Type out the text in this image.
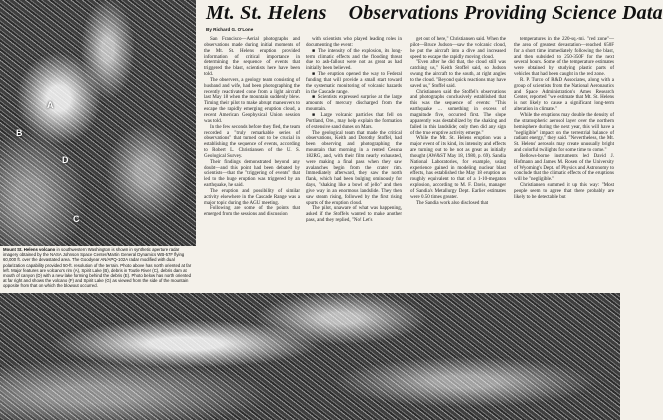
A
B
C
D
Mount St. Helens volcano in southwestern Washington is shown in synthetic aperture radar imagery obtained by the NASA Johnson Space Center/Martin General Dynamics WB-57F flying 60,000 ft. over the devastated area. The Goodyear AN/APQ-102A radar modified with dual polarization capability provided 50-ft. resolution of the terrain. Photo above has north oriented at far left. Major features are volcano's rim (A), Spirit Lake (B), debris in Toutle River (C), debris dam at mouth of canyon (D) with a new lake forming behind the debris (E). Photo below has north oriented at far right and shows the volcano (F) and Spirit Lake (G) as viewed from the side of the mountain opposite from that on which the blowout occurred.
Mt. St. Helens Observations Providing Science Data
By Richard G. O'Lone

San Francisco—Aerial photographs and observations made during initial moments of the Mt. St. Helens eruption provided information of critical importance in determining the sequence of events that triggered the blast, scientists here have been told.

The observers, a geology team consisting of husband and wife, had been photographing the recently reactivated cone from a light aircraft last May 18 when the mountain suddenly blew. Timing their pilot to make abrupt maneuvers to escape the rapidly emerging eruption cloud, a recent American Geophysical Union session was told.

In the few seconds before they fled, the team recorded a "truly remarkable series of observations" that turned out to be crucial in establishing the sequence of events, according to Robert L. Christiansen of the U. S. Geological Survey.

Their findings demonstrated beyond any doubt—and this point had been debated by scientists—that the "triggering of events" that led to the huge eruption was triggered by an earthquake, he said.

The eruption and possibility of similar activity elsewhere in the Cascade Range was a major topic during the AGU meeting.

Following are some of the points that emerged from the sessions and discussion

with scientists who played leading roles in documenting the event:

■ The intensity of the explosion, its long-term climatic effects and the flooding threat due to ash-fallout were not as great as had initially been believed.

■ The eruption opened the way to Federal funding that will provide a small start toward the systematic monitoring of volcanic hazards in the Cascade range.

■ Scientists expressed surprise at the large amounts of mercury discharged from the mountain.

■ Large volcanic particles that fell on Portland, Ore., may help explain the formation of extensive sand dunes on Mars.

The geological team that made the critical observations, Keith and Dorothy Stoffel, had been observing and photographing the mountain that morning in a rented Cessna 182RG, and, with their film nearly exhausted, were making a final pass when they saw avalanches begin from the crater rim. Immediately afterward, they saw the north flank, which had been bulging ominously for days, "shaking like a bowl of jello" and then give way in an enormous landslide. They then saw steam rising, followed by the first rising spurts of the eruption cloud.

The pilot, unaware of what was happening, asked if the Stoffels wanted to make another pass, and they replied, "No! Let's

get out of here," Christiansen said. When the pilot—Bruce Judson—saw the volcanic cloud, he put the aircraft into a dive and increased speed to escape the rapidly moving cloud.

"Even after he did that, the cloud still was catching us," Keith Stoffel said, so Judson swung the aircraft to the south, at right angles to the cloud. "Beyond quick reactions may have saved us," Stoffel said.

Christiansen said the Stoffel's observations and photographs conclusively established that this was the sequence of events: "This earthquake … something in excess of magnitude five, occurred first. The slope apparently was destabilized by the shaking and failed in this landslide; only then did any sign of the true eruptive activity emerge."

While the Mt. St. Helens eruption was a major event of its kind, its intensity and effects are turning out to be not as great as initially thought (AW&ST May 18, 1980, p. 69). Sandia National Laboratories, for example, using experience gained in modeling nuclear blast effects, has established the May 18 eruption as roughly equivalent to that of a 1-10-megaton explosion, according to M. F. Davis, manager of Sandia's Metallurgy Dept. Earlier estimates were 0.50 times greater.

The Sandia work also disclosed that

temperatures in the 220-sq.-mi. "red zone"—the area of greatest devastation—reached 650F for a short time immediately following the blast, and then subsided to 250-350F for the next several hours. Some of the temperature estimates were obtained by studying plastic parts of vehicles that had been caught in the red zone.

R. P. Turco of R&D Associates, along with a group of scientists from the National Aeronautics and Space Administration's Ames Research Center, reported "we estimate that Mt. St. Helens is not likely to cause a significant long-term alteration in climate."

While the eruptions may double the density of the stratospheric aerosol layer over the northern hemisphere during the next year, this will have a "negligible" impact on the terrestrial balance of radiant energy," they said. "Nevertheless, the Mt. St. Helens' aerosols may create unusually bright and colorful twilights for some time to come."

Bellows-borne instruments led David J. Hofmann and James M. Rosen of the University of Wyoming's Dept. of Physics and Astronomy to conclude that the climatic effects of the eruptions will be "negligible."

Christiansen summed it up this way: "Most people seem to agree that there probably are likely to be detectable but
